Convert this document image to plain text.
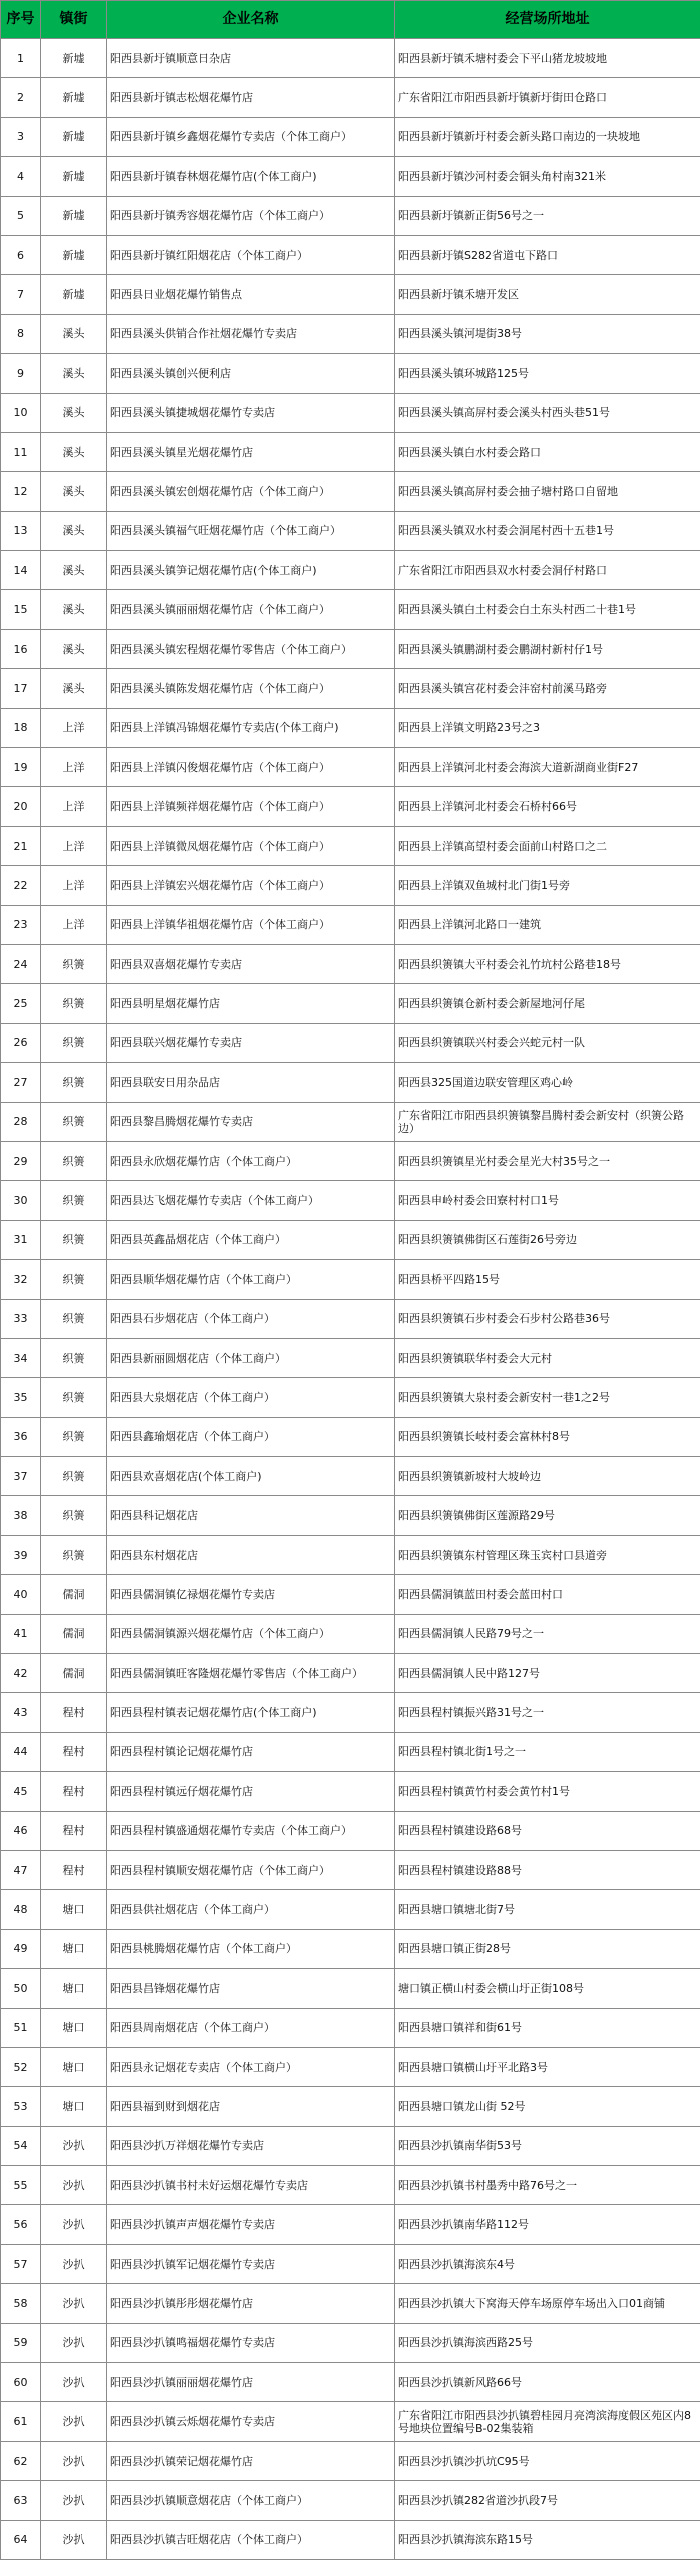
序号	镇街	企业名称	经营场所地址
1	新墟	阳西县新圩镇顺意日杂店	阳西县新圩镇禾塘村委会下平山猪龙坡坡地
2	新墟	阳西县新圩镇志松烟花爆竹店	广东省阳江市阳西县新圩镇新圩街田仓路口
3	新墟	阳西县新圩镇乡鑫烟花爆竹专卖店（个体工商户）	阳西县新圩镇新圩村委会新头路口南边的一块坡地
4	新墟	阳西县新圩镇春林烟花爆竹店(个体工商户)	阳西县新圩镇沙河村委会铜头角村南321米
5	新墟	阳西县新圩镇秀容烟花爆竹店（个体工商户）	阳西县新圩镇新正街56号之一
6	新墟	阳西县新圩镇红阳烟花店（个体工商户）	阳西县新圩镇S282省道屯下路口
7	新墟	阳西县日业烟花爆竹销售点	阳西县新圩镇禾塘开发区
8	溪头	阳西县溪头供销合作社烟花爆竹专卖店	阳西县溪头镇河堤街38号
9	溪头	阳西县溪头镇创兴便利店	阳西县溪头镇环城路125号
10	溪头	阳西县溪头镇捷城烟花爆竹专卖店	阳西县溪头镇高屏村委会溪头村西头巷51号
11	溪头	阳西县溪头镇星光烟花爆竹店	阳西县溪头镇白水村委会路口
12	溪头	阳西县溪头镇宏创烟花爆竹店（个体工商户）	阳西县溪头镇高屏村委会抽子塘村路口自留地
13	溪头	阳西县溪头镇福气旺烟花爆竹店（个体工商户）	阳西县溪头镇双水村委会洞尾村西十五巷1号
14	溪头	阳西县溪头镇笋记烟花爆竹店(个体工商户)	广东省阳江市阳西县双水村委会洞仔村路口
15	溪头	阳西县溪头镇丽丽烟花爆竹店（个体工商户）	阳西县溪头镇白土村委会白土东头村西二十巷1号
16	溪头	阳西县溪头镇宏程烟花爆竹零售店（个体工商户）	阳西县溪头镇鹏湖村委会鹏湖村新村仔1号
17	溪头	阳西县溪头镇陈发烟花爆竹店（个体工商户）	阳西县溪头镇宫花村委会沣窑村前溪马路旁
18	上洋	阳西县上洋镇冯锦烟花爆竹专卖店(个体工商户)	阳西县上洋镇文明路23号之3
19	上洋	阳西县上洋镇闪俊烟花爆竹店（个体工商户）	阳西县上洋镇河北村委会海滨大道新湖商业街F27
20	上洋	阳西县上洋镇频祥烟花爆竹店（个体工商户）	阳西县上洋镇河北村委会石桥村66号
21	上洋	阳西县上洋镇微凤烟花爆竹店（个体工商户）	阳西县上洋镇高望村委会面前山村路口之二
22	上洋	阳西县上洋镇宏兴烟花爆竹店（个体工商户）	阳西县上洋镇双鱼城村北门街1号旁
23	上洋	阳西县上洋镇华祖烟花爆竹店（个体工商户）	阳西县上洋镇河北路口一建筑
24	织箦	阳西县双喜烟花爆竹专卖店	阳西县织箦镇大平村委会礼竹坑村公路巷18号
25	织箦	阳西县明星烟花爆竹店	阳西县织箦镇仓新村委会新屋地河仔尾
26	织箦	阳西县联兴烟花爆竹专卖店	阳西县织箦镇联兴村委会兴蛇元村一队
27	织箦	阳西县联安日用杂品店	阳西县325国道边联安管理区鸡心岭
28	织箦	阳西县黎昌腾烟花爆竹专卖店	广东省阳江市阳西县织箦镇黎昌腾村委会新安村（织箦公路边）
29	织箦	阳西县永欣烟花爆竹店（个体工商户）	阳西县织箦镇星光村委会星光大村35号之一
30	织箦	阳西县达飞烟花爆竹专卖店（个体工商户）	阳西县申岭村委会田寮村村口1号
31	织箦	阳西县英鑫晶烟花店（个体工商户）	阳西县织箦镇佛街区石莲街26号旁边
32	织箦	阳西县顺华烟花爆竹店（个体工商户）	阳西县桥平四路15号
33	织箦	阳西县石步烟花店（个体工商户）	阳西县织箦镇石步村委会石步村公路巷36号
34	织箦	阳西县新丽圆烟花店（个体工商户）	阳西县织箦镇联华村委会大元村
35	织箦	阳西县大泉烟花店（个体工商户）	阳西县织箦镇大泉村委会新安村一巷1之2号
36	织箦	阳西县鑫瑜烟花店（个体工商户）	阳西县织箦镇长岐村委会富林村8号
37	织箦	阳西县欢喜烟花店(个体工商户)	阳西县织箦镇新坡村大坡岭边
38	织箦	阳西县科记烟花店	阳西县织箦镇佛街区莲源路29号
39	织箦	阳西县东村烟花店	阳西县织箦镇东村管理区珠玉宾村口县道旁
40	儒洞	阳西县儒洞镇亿禄烟花爆竹专卖店	阳西县儒洞镇蓝田村委会蓝田村口
41	儒洞	阳西县儒洞镇源兴烟花爆竹店（个体工商户）	阳西县儒洞镇人民路79号之一
42	儒洞	阳西县儒洞镇旺客隆烟花爆竹零售店（个体工商户）	阳西县儒洞镇人民中路127号
43	程村	阳西县程村镇表记烟花爆竹店(个体工商户)	阳西县程村镇振兴路31号之一
44	程村	阳西县程村镇论记烟花爆竹店	阳西县程村镇北街1号之一
45	程村	阳西县程村镇远仔烟花爆竹店	阳西县程村镇黄竹村委会黄竹村1号
46	程村	阳西县程村镇盛通烟花爆竹专卖店（个体工商户）	阳西县程村镇建设路68号
47	程村	阳西县程村镇顺安烟花爆竹店（个体工商户）	阳西县程村镇建设路88号
48	塘口	阳西县供社烟花店（个体工商户）	阳西县塘口镇塘北街7号
49	塘口	阳西县桃腾烟花爆竹店（个体工商户）	阳西县塘口镇正街28号
50	塘口	阳西县昌锋烟花爆竹店	塘口镇正横山村委会横山圩正街108号
51	塘口	阳西县周南烟花店（个体工商户）	阳西县塘口镇祥和街61号
52	塘口	阳西县永记烟花专卖店（个体工商户）	阳西县塘口镇横山圩平北路3号
53	塘口	阳西县福到财到烟花店	阳西县塘口镇龙山街 52号
54	沙扒	阳西县沙扒万祥烟花爆竹专卖店	阳西县沙扒镇南华街53号
55	沙扒	阳西县沙扒镇书村未好运烟花爆竹专卖店	阳西县沙扒镇书村墨秀中路76号之一
56	沙扒	阳西县沙扒镇声声烟花爆竹专卖店	阳西县沙扒镇南华路112号
57	沙扒	阳西县沙扒镇军记烟花爆竹专卖店	阳西县沙扒镇海滨东4号
58	沙扒	阳西县沙扒镇彤彤烟花爆竹店	阳西县沙扒镇大下窝海天停车场原停车场出入口01商铺
59	沙扒	阳西县沙扒镇鸣福烟花爆竹专卖店	阳西县沙扒镇海滨西路25号
60	沙扒	阳西县沙扒镇丽丽烟花爆竹店	阳西县沙扒镇新风路66号
61	沙扒	阳西县沙扒镇云烁烟花爆竹专卖店	广东省阳江市阳西县沙扒镇碧桂园月亮湾滨海度假区苑区内8号地块位置编号B-02集装箱
62	沙扒	阳西县沙扒镇荣记烟花爆竹店	阳西县沙扒镇沙扒坑C95号
63	沙扒	阳西县沙扒镇顺意烟花店（个体工商户）	阳西县沙扒镇282省道沙扒段7号
64	沙扒	阳西县沙扒镇吉旺烟花店（个体工商户）	阳西县沙扒镇海滨东路15号
